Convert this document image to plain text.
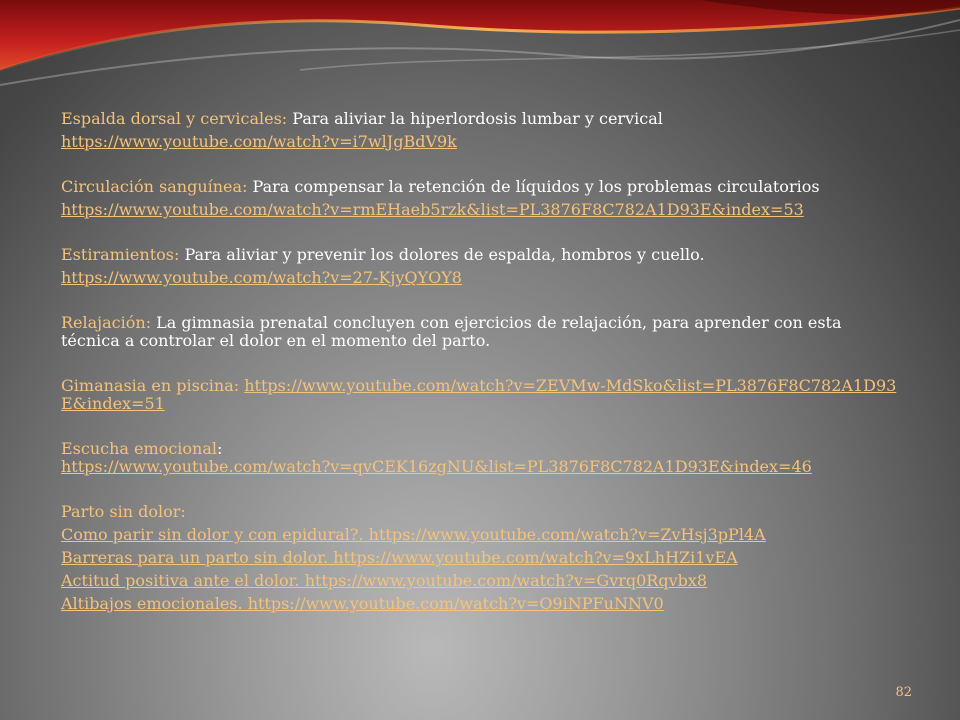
Espalda dorsal y cervicales: Para aliviar la hiperlordosis lumbar y cervical

https://www.youtube.com/watch?v=i7wlJgBdV9k

Circulación sanguínea: Para compensar la retención de líquidos y los problemas circulatorios

https://www.youtube.com/watch?v=rmEHaeb5rzk&list=PL3876F8C782A1D93E&index=53

Estiramientos: Para aliviar y prevenir los dolores de espalda, hombros y cuello.

https://www.youtube.com/watch?v=27-KjyQYOY8

Relajación: La gimnasia prenatal concluyen con ejercicios de relajación, para aprender con esta técnica a controlar el dolor en el momento del parto.

Gimanasia en piscina: https://www.youtube.com/watch?v=ZEVMw-MdSko&list=PL3876F8C782A1D93E&index=51

Escucha emocional:
https://www.youtube.com/watch?v=qvCEK16zgNU&list=PL3876F8C782A1D93E&index=46

Parto sin dolor:

Como parir sin dolor y con epidural?. https://www.youtube.com/watch?v=ZvHsj3pPl4A

Barreras para un parto sin dolor. https://www.youtube.com/watch?v=9xLhHZi1vEA

Actitud positiva ante el dolor. https://www.youtube.com/watch?v=Gvrq0Rqvbx8

Altibajos emocionales. https://www.youtube.com/watch?v=O9iNPFuNNV0

82
